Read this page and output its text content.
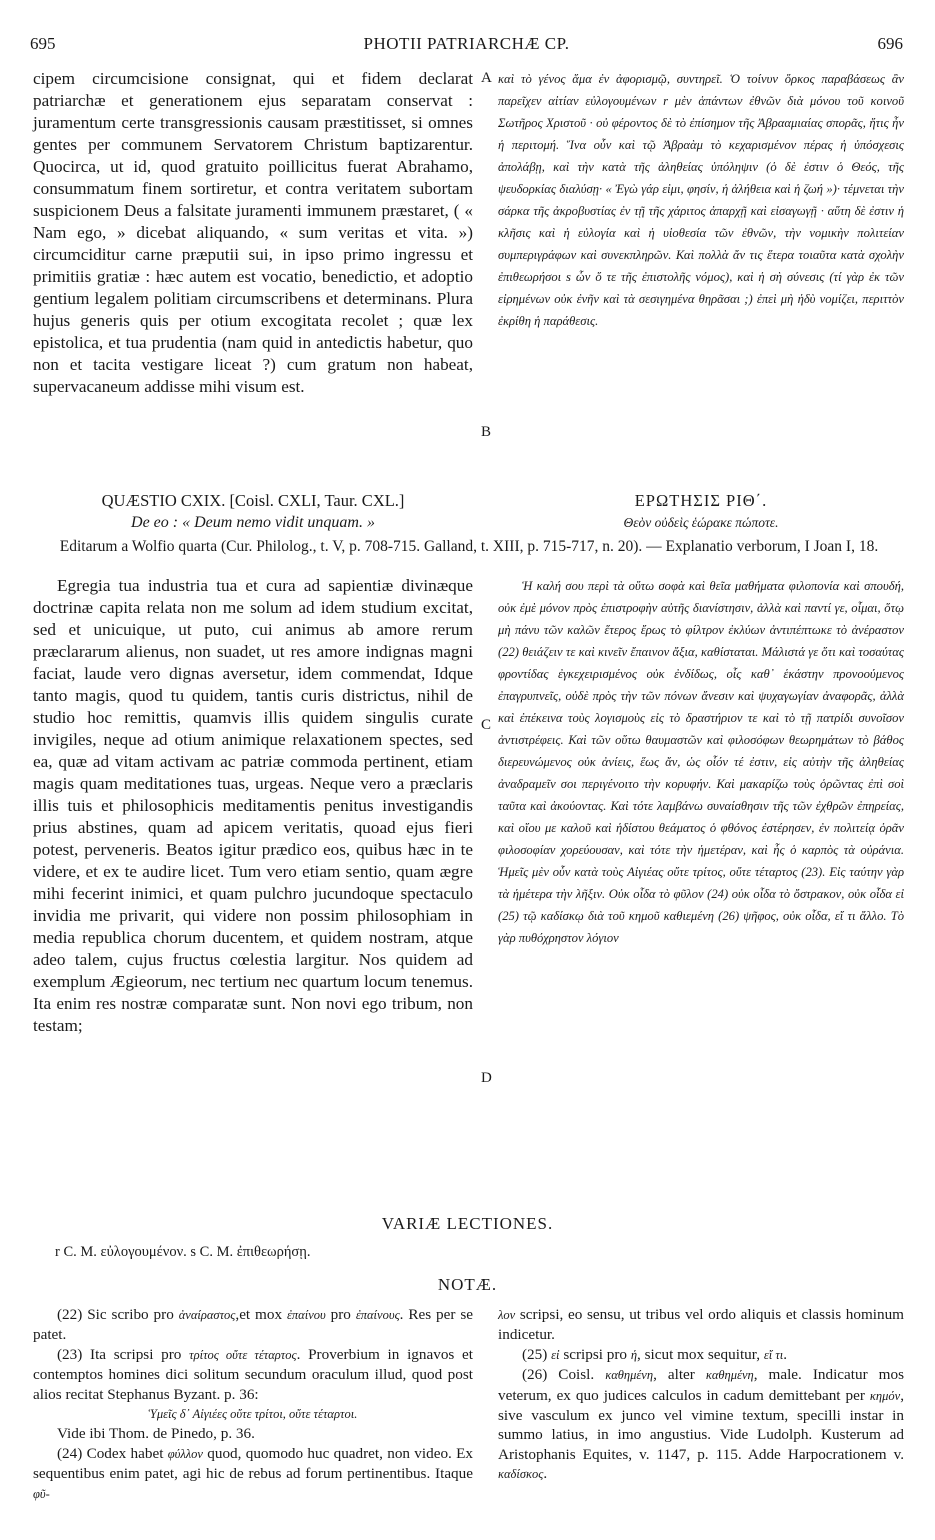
695	PHOTII PATRIARCHÆ CP.	696

cipem circumcisione consignat, qui et fidem declarat patriarchæ et generationem ejus separatam conservat : juramentum certe transgressionis causam præstitisset, si omnes gentes per communem Servatorem Christum baptizarentur. Quocirca, ut id, quod gratuito poillicitus fuerat Abrahamo, consummatum finem sortiretur, et contra veritatem subortam suspicionem Deus a falsitate juramenti immunem præstaret, ( « Nam ego, » dicebat aliquando, « sum veritas et vita. ») circumciditur carne præputii sui, in ipso primo ingressu et primitiis gratiæ : hæc autem est vocatio, benedictio, et adoptio gentium legalem politiam circumscribens et determinans. Plura hujus generis quis per otium excogitata recolet ; quæ lex epistolica, et tua prudentia (nam quid in antedictis habetur, quo non et tacita vestigare liceat ?) cum gratum non habeat, supervacaneum addisse mihi visum est.

καὶ τὸ γένος ἅμα ἐν ἀφορισμῷ, συντηρεῖ. Ὁ τοίνυν ὅρκος παραβάσεως ἂν παρεῖχεν αἰτίαν εὐλογουμένων r μὲν ἁπάντων ἐθνῶν διὰ μόνου τοῦ κοινοῦ Σωτῆρος Χριστοῦ · οὐ φέροντος δὲ τὸ ἐπίσημον τῆς Ἀβρααμιαίας σπορᾶς, ἥτις ἦν ἡ περιτομή. Ἵνα οὖν καὶ τῷ Ἀβραὰμ τὸ κεχαρισμένον πέρας ἡ ὑπόσχεσις ἀπολάβῃ, καὶ τὴν κατὰ τῆς ἀληθείας ὑπόληψιν (ὁ δὲ ἐστιν ὁ Θεός, τῆς ψευδορκίας διαλύσῃ· « Ἐγὼ γάρ εἰμι, φησίν, ἡ ἀλήθεια καὶ ἡ ζωή »)· τέμνεται τὴν σάρκα τῆς ἀκροβυστίας ἐν τῇ τῆς χάριτος ἀπαρχῇ καὶ εἰσαγωγῇ · αὕτη δὲ ἐστιν ἡ κλῆσις καὶ ἡ εὐλογία καὶ ἡ υἱοθεσία τῶν ἐθνῶν, τὴν νομικὴν πολιτείαν συμπεριγράφων καὶ συνεκπληρῶν. Καὶ πολλὰ ἄν τις ἕτερα τοιαῦτα κατὰ σχολὴν ἐπιθεωρήσοι s ὧν ὅ τε τῆς ἐπιστολῆς νόμος), καὶ ἡ σὴ σύνεσις (τί γὰρ ἐκ τῶν εἰρημένων οὐκ ἐνῆν καὶ τὰ σεσιγημένα θηρᾶσαι ;) ἐπεὶ μὴ ἡδὺ νομίζει, περιττὸν ἐκρίθη ἡ παράθεσις.

A
B
C
D
QUÆSTIO CXIX. [Coisl. CXLI, Taur. CXL.]
De eo : « Deum nemo vidit unquam. »
ΕΡΩΤΗΣΙΣ ΡΙΘ΄.
Θεὸν οὐδεὶς ἑώρακε πώποτε.
Editarum a Wolfio quarta (Cur. Philolog., t. V, p. 708-715. Galland, t. XIII, p. 715-717, n. 20). — Explanatio verborum, I Joan I, 18.

Egregia tua industria tua et cura ad sapientiæ divinæque doctrinæ capita relata non me solum ad idem studium excitat, sed et unicuique, ut puto, cui animus ab amore rerum præclararum alienus, non suadet, ut res amore indignas magni faciat, laude vero dignas aversetur, idem commendat, Idque tanto magis, quod tu quidem, tantis curis districtus, nihil de studio hoc remittis, quamvis illis quidem singulis curate invigiles, neque ad otium animique relaxationem spectes, sed ea, quæ ad vitam activam ac patriæ commoda pertinent, etiam magis quam meditationes tuas, urgeas. Neque vero a præclaris illis tuis et philosophicis meditamentis penitus investigandis prius abstines, quam ad apicem veritatis, quoad ejus fieri potest, perveneris. Beatos igitur prædico eos, quibus hæc in te videre, et ex te audire licet. Tum vero etiam sentio, quam ægre mihi fecerint inimici, et quam pulchro jucundoque spectaculo invidia me privarit, qui videre non possim philosophiam in media republica chorum ducentem, et quidem nostram, atque adeo talem, cujus fructus cœlestia largitur. Nos quidem ad exemplum Ægieorum, nec tertium nec quartum locum tenemus. Ita enim res nostræ comparatæ sunt. Non novi ego tribum, non testam;

Ἡ καλή σου περὶ τὰ οὕτω σοφὰ καὶ θεῖα μαθήματα φιλοπονία καὶ σπουδή, οὐκ ἐμὲ μόνον πρὸς ἐπιστροφὴν αὐτῆς διανίστησιν, ἀλλὰ καὶ παντί γε, οἶμαι, ὅτῳ μὴ πάνυ τῶν καλῶν ἕτερος ἔρως τὸ φίλτρον ἐκλύων ἀντιπέπτωκε τὸ ἀνέραστον (22) θειάζειν τε καὶ κινεῖν ἔπαινον ἄξια, καθίσταται. Μάλιστά γε ὅτι καὶ τοσαύτας φροντίδας ἐγκεχειρισμένος οὐκ ἐνδίδως, οἷς καθ᾽ ἑκάστην προνοούμενος ἐπαγρυπνεῖς, οὐδὲ πρὸς τὴν τῶν πόνων ἄνεσιν καὶ ψυχαγωγίαν ἀναφορᾶς, ἀλλὰ καὶ ἐπέκεινα τοὺς λογισμοὺς εἰς τὸ δραστήριον τε καὶ τὸ τῇ πατρίδι συνοῖσον ἀντιστρέφεις. Καὶ τῶν οὕτω θαυμαστῶν καὶ φιλοσόφων θεωρημάτων τὸ βάθος διερευνώμενος οὐκ ἀνίεις, ἕως ἄν, ὡς οἷόν τέ ἐστιν, εἰς αὐτὴν τῆς ἀληθείας ἀναδραμεῖν σοι περιγένοιτο τὴν κορυφήν. Καὶ μακαρίζω τοὺς ὁρῶντας ἐπὶ σοὶ ταῦτα καὶ ἀκούοντας. Καὶ τότε λαμβάνω συναίσθησιν τῆς τῶν ἐχθρῶν ἐπηρείας, καὶ οἵου με καλοῦ καὶ ἡδίστου θεάματος ὁ φθόνος ἐστέρησεν, ἐν πολιτείᾳ ὁρᾶν φιλοσοφίαν χορεύουσαν, καὶ τότε τὴν ἡμετέραν, καὶ ἧς ὁ καρπὸς τὰ οὐράνια. Ἡμεῖς μὲν οὖν κατὰ τοὺς Αἰγιέας οὔτε τρίτος, οὔτε τέταρτος (23). Εἰς ταύτην γὰρ τὰ ἡμέτερα τὴν λῆξιν. Οὐκ οἶδα τὸ φῦλον (24) οὐκ οἶδα τὸ ὄστρακον, οὐκ οἶδα εἰ (25) τῷ καδίσκῳ διὰ τοῦ κημοῦ καθιεμένη (26) ψῆφος, οὐκ οἶδα, εἴ τι ἄλλο. Τὸ γὰρ πυθόχρηστον λόγιον

VARIÆ LECTIONES.
r C. M. εὐλογουμένον. s C. M. ἐπιθεωρήσῃ.
NOTÆ.

(22) Sic scribo pro ἀναίραστος,et mox ἐπαίνου pro ἐπαίνους. Res per se patet.

(23) Ita scripsi pro τρίτος οὔτε τέταρτος. Proverbium in ignavos et contemptos homines dici solitum secundum oraculum illud, quod post alios recitat Stephanus Byzant. p. 36:

Ὑμεῖς δ᾽ Αἰγιέες οὔτε τρίτοι, οὔτε τέταρτοι.

Vide ibi Thom. de Pinedo, p. 36.

(24) Codex habet φύλλον quod, quomodo huc quadret, non video. Ex sequentibus enim patet, agi hic de rebus ad forum pertinentibus. Itaque φῦ-

λον scripsi, eo sensu, ut tribus vel ordo aliquis et classis hominum indicetur.

(25) εἰ scripsi pro ἡ, sicut mox sequitur, εἴ τι.

(26) Coisl. καθημένη, alter καθημένη, male. Indicatur mos veterum, ex quo judices calculos in cadum demittebant per κημόν, sive vasculum ex junco vel vimine textum, specilli instar in summo latius, in imo angustius. Vide Ludolph. Kusterum ad Aristophanis Equites, v. 1147, p. 115. Adde Harpocrationem v. καδίσκος.
